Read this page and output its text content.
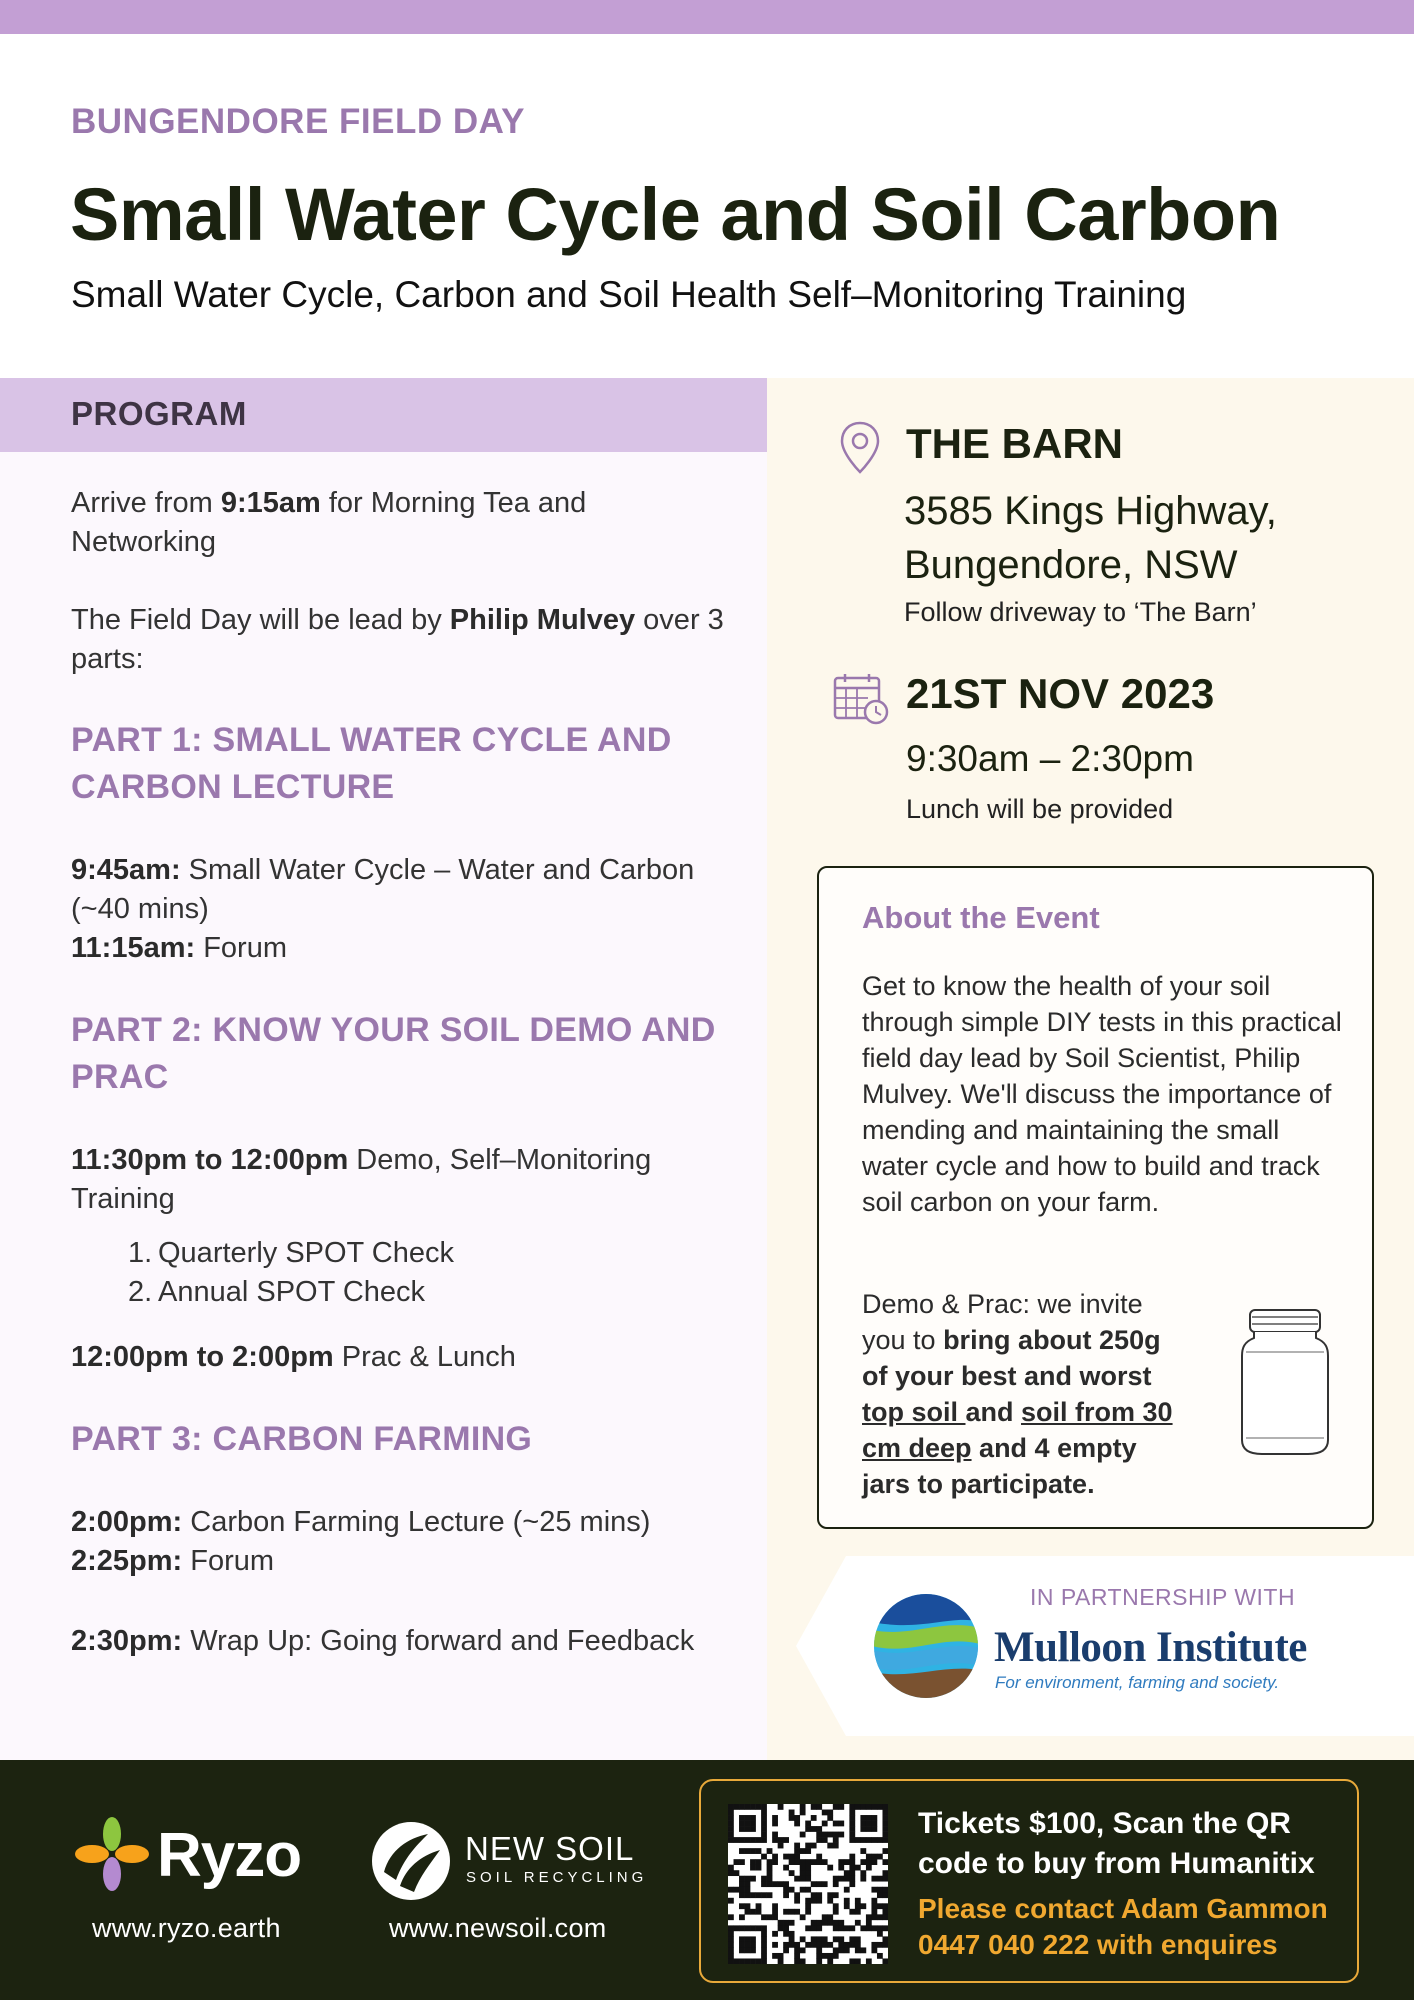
BUNGENDORE FIELD DAY
Small Water Cycle and Soil Carbon
Small Water Cycle, Carbon and Soil Health Self–Monitoring Training
PROGRAM
Arrive from 9:15am for Morning Tea and Networking
The Field Day will be lead by Philip Mulvey over 3 parts:
PART 1: SMALL WATER CYCLE AND CARBON LECTURE
9:45am: Small Water Cycle – Water and Carbon (~40 mins)
11:15am: Forum
PART 2: KNOW YOUR SOIL DEMO AND PRAC
11:30pm to 12:00pm Demo, Self–Monitoring Training
1. Quarterly SPOT Check
2. Annual SPOT Check
12:00pm to 2:00pm Prac & Lunch
PART 3: CARBON FARMING
2:00pm: Carbon Farming Lecture (~25 mins)
2:25pm: Forum
2:30pm: Wrap Up: Going forward and Feedback
THE BARN
3585 Kings Highway,
Bungendore, NSW
Follow driveway to ‘The Barn’
21ST NOV 2023
9:30am – 2:30pm
Lunch will be provided
About the Event
Get to know the health of your soil through simple DIY tests in this practical field day lead by Soil Scientist, Philip Mulvey. We'll discuss the importance of mending and maintaining the small water cycle and how to build and track soil carbon on your farm.
Demo & Prac: we invite you to bring about 250g of your best and worst top soil and soil from 30 cm deep and 4 empty jars to participate.
IN PARTNERSHIP WITH
Mulloon Institute
For environment, farming and society.
Ryzo
www.ryzo.earth
NEW SOIL
SOIL RECYCLING
www.newsoil.com
Tickets $100, Scan the QR code to buy from Humanitix
Please contact Adam Gammon 0447 040 222 with enquires
